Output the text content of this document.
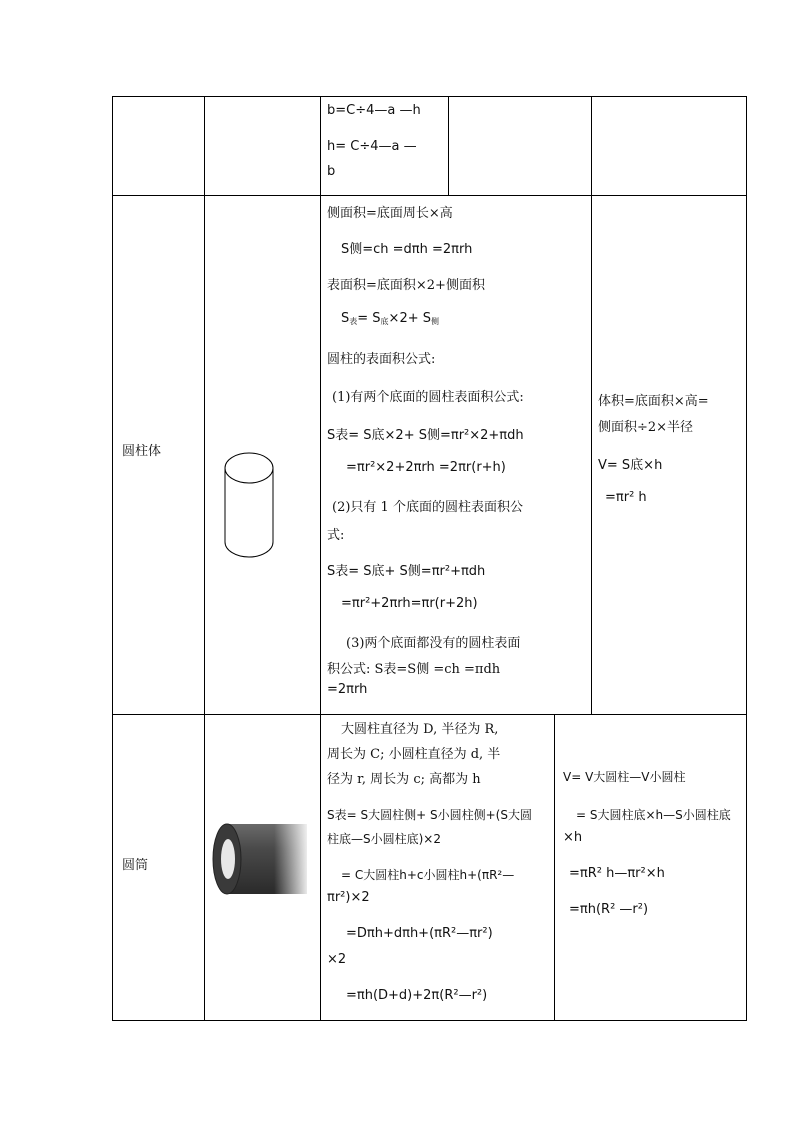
b=C÷4—a —h
h= C÷4—a —
b
圆柱体
侧面积=底面周长×高
S侧=ch =dπh =2πrh
表面积=底面积×2+侧面积
$S_表= S_底\times 2+ S_侧$
圆柱的表面积公式:
(1)有两个底面的圆柱表面积公式:
S表= S底×2+ S侧=πr²×2+πdh
=πr²×2+2πrh =2πr(r+h)
(2)只有 1 个底面的圆柱表面积公
式:
S表= S底+ S侧=πr²+πdh
=πr²+2πrh=πr(r+2h)
(3)两个底面都没有的圆柱表面
积公式: S表=S侧 =ch =πdh
=2πrh
体积=底面积×高=
侧面积÷2×半径
V= S底×h
=πr² h
圆筒
大圆柱直径为 D, 半径为 R,
周长为 C; 小圆柱直径为 d, 半
径为 r, 周长为 c; 高都为 h
S表= S大圆柱侧+ S小圆柱侧+(S大圆
柱底—S小圆柱底)×2
= C大圆柱h+c小圆柱h+(πR²—
πr²)×2
=Dπh+dπh+(πR²—πr²)
×2
=πh(D+d)+2π(R²—r²)
V= V大圆柱—V小圆柱
= S大圆柱底×h—S小圆柱底
×h
=πR² h—πr²×h
=πh(R² —r²)
